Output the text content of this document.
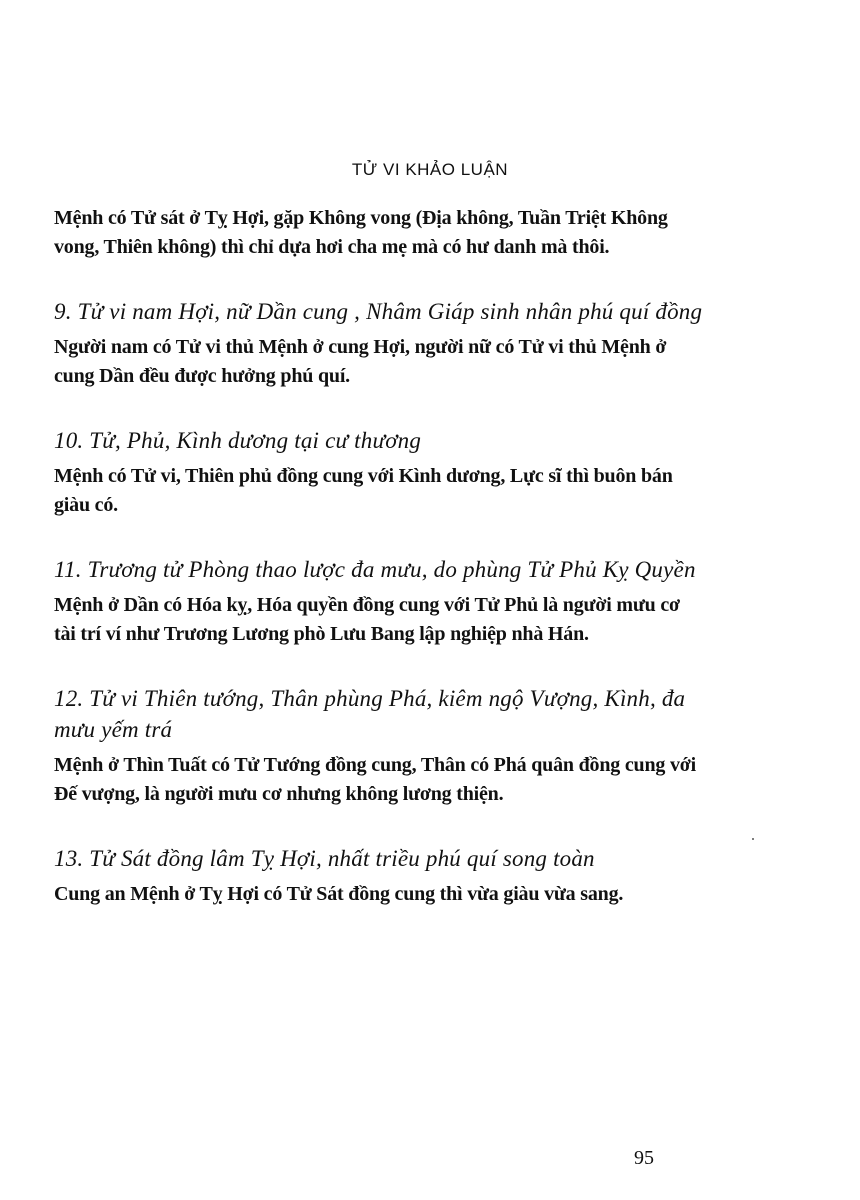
TỬ VI KHẢO LUẬN

Mệnh có Tử sát ở Tỵ Hợi, gặp Không vong (Địa không, Tuần Triệt Không vong, Thiên không) thì chỉ dựa hơi cha mẹ mà có hư danh mà thôi.

9. Tử vi nam Hợi, nữ Dần cung , Nhâm Giáp sinh nhân phú quí đồng

Người nam có Tử vi thủ Mệnh ở cung Hợi, người nữ có Tử vi thủ Mệnh ở cung Dần đều được hưởng phú quí.

10. Tử, Phủ, Kình dương tại cư thương

Mệnh có Tử vi, Thiên phủ đồng cung với Kình dương, Lực sĩ thì buôn bán giàu có.

11. Trương tử Phòng thao lược đa mưu, do phùng Tử Phủ Kỵ Quyền

Mệnh ở Dần có Hóa kỵ, Hóa quyền đồng cung với Tử Phủ là người mưu cơ tài trí ví như Trương Lương phò Lưu Bang lập nghiệp nhà Hán.

12. Tử vi Thiên tướng, Thân phùng Phá, kiêm ngộ Vượng, Kình, đa mưu yếm trá

Mệnh ở Thìn Tuất có Tử Tướng đồng cung, Thân có Phá quân đồng cung với Đế vượng, là người mưu cơ nhưng không lương thiện.

13. Tử Sát đồng lâm Tỵ Hợi, nhất triều phú quí song toàn

Cung an Mệnh ở Tỵ Hợi có Tử Sát đồng cung thì vừa giàu vừa sang.

95
